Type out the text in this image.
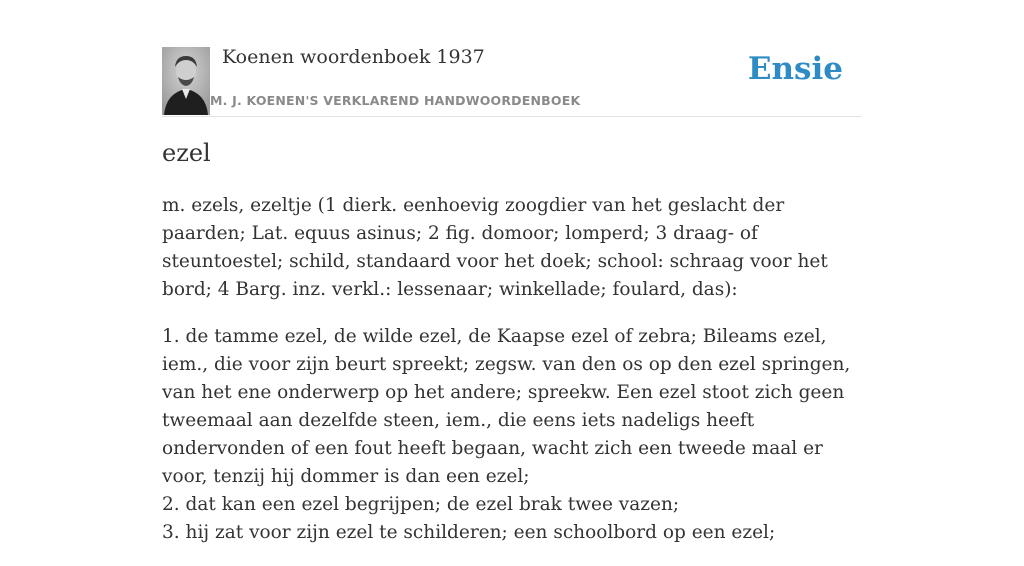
Koenen woordenboek 1937
M. J. KOENEN'S VERKLAREND HANDWOORDENBOEK
Ensie
ezel

m. ezels, ezeltje (1 dierk. eenhoevig zoogdier van het geslacht der paarden; Lat. equus asinus; 2 fig. domoor; lomperd; 3 draag- of steuntoestel; schild, standaard voor het doek; school: schraag voor het bord; 4 Barg. inz. verkl.: lessenaar; winkellade; foulard, das):

1. de tamme ezel, de wilde ezel, de Kaapse ezel of zebra; Bileams ezel, iem., die voor zijn beurt spreekt; zegsw. van den os op den ezel springen, van het ene onderwerp op het andere; spreekw. Een ezel stoot zich geen tweemaal aan dezelfde steen, iem., die eens iets nadeligs heeft ondervonden of een fout heeft begaan, wacht zich een tweede maal er voor, tenzij hij dommer is dan een ezel;
2. dat kan een ezel begrijpen; de ezel brak twee vazen;
3. hij zat voor zijn ezel te schilderen; een schoolbord op een ezel;
